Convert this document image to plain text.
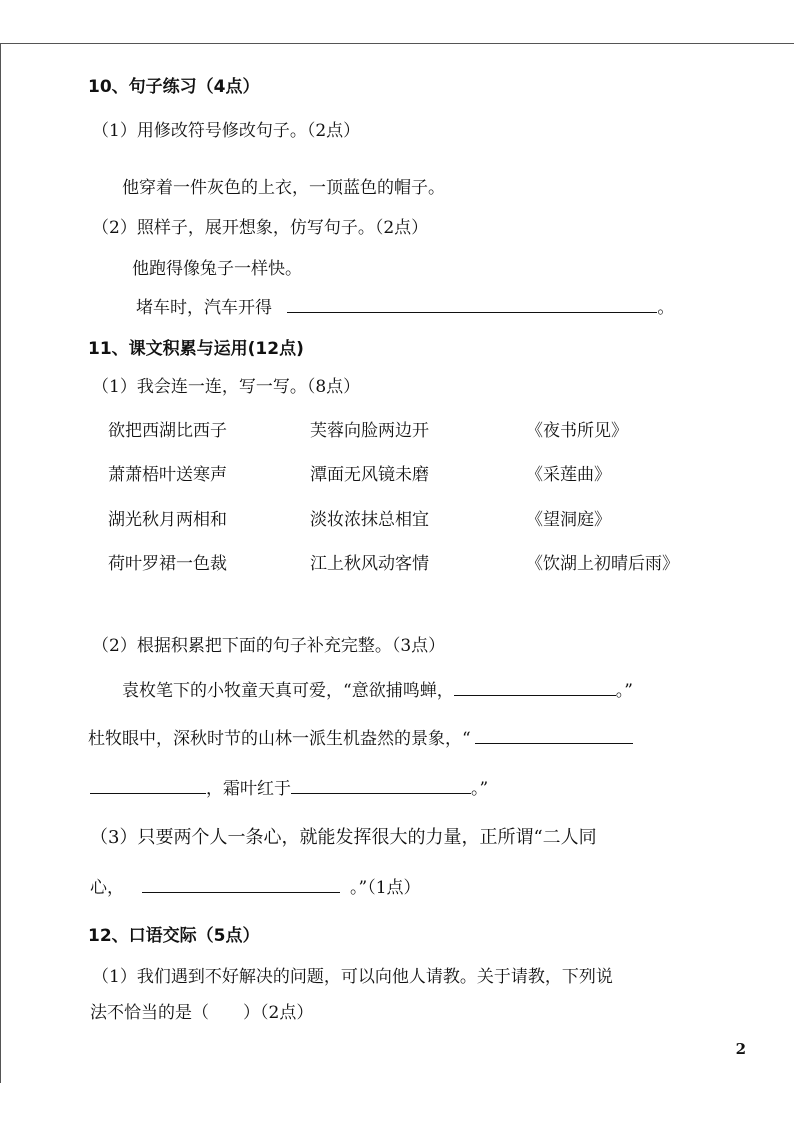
10、句子练习（4点）
（1）用修改符号修改句子。（2点）
他穿着一件灰色的上衣，一顶蓝色的帽子。
（2）照样子，展开想象，仿写句子。（2点）
他跑得像兔子一样快。
堵车时，汽车开得	。
11、课文积累与运用(12点)
（1）我会连一连，写一写。（8点）
欲把西湖比西子	芙蓉向脸两边开	《夜书所见》
萧萧梧叶送寒声	潭面无风镜未磨	《采莲曲》
湖光秋月两相和	淡妆浓抹总相宜	《望洞庭》
荷叶罗裙一色裁	江上秋风动客情	《饮湖上初晴后雨》
（2）根据积累把下面的句子补充完整。（3点）
袁枚笔下的小牧童天真可爱，“意欲捕鸣蝉，	。”
杜牧眼中，深秋时节的山林一派生机盎然的景象，“
，霜叶红于	。”
（3）只要两个人一条心，就能发挥很大的力量，正所谓“二人同
心，	。”（1点）
12、口语交际（5点）
（1）我们遇到不好解决的问题，可以向他人请教。关于请教，下列说
法不恰当的是（　　）（2点）
2
